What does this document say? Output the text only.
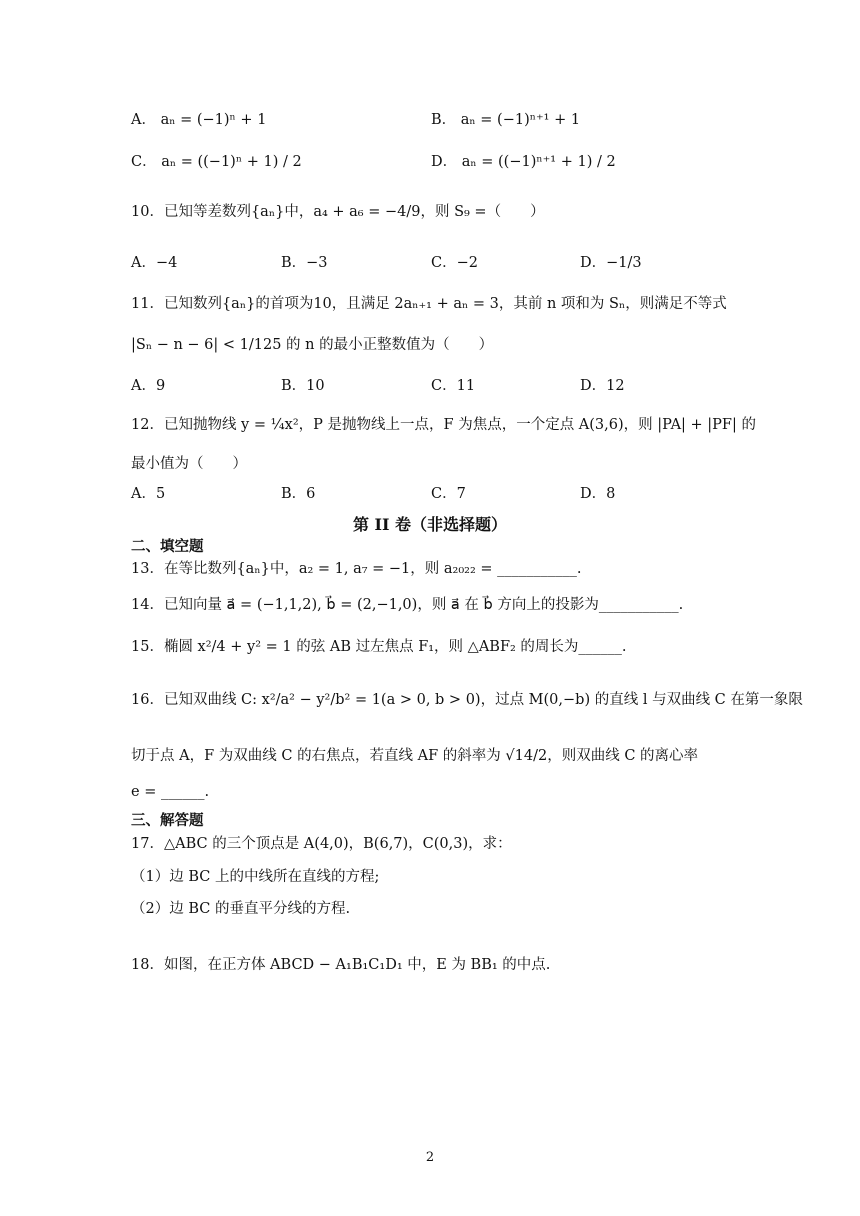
A． aₙ = (−1)ⁿ + 1	B． aₙ = (−1)ⁿ⁺¹ + 1
C． aₙ = ((−1)ⁿ + 1) / 2	D． aₙ = ((−1)ⁿ⁺¹ + 1) / 2
10．已知等差数列{aₙ}中，a₄ + a₆ = −4/9，则 S₉ =（　　）
A．−4	B．−3	C．−2	D．−1/3
11．已知数列{aₙ}的首项为10，且满足 2aₙ₊₁ + aₙ = 3，其前 n 项和为 Sₙ，则满足不等式
|Sₙ − n − 6| < 1/125 的 n 的最小正整数值为（　　）
A．9	B．10	C．11	D．12
12．已知抛物线 y = ¼x²，P 是抛物线上一点，F 为焦点，一个定点 A(3,6)，则 |PA| + |PF| 的
最小值为（　　）
A．5	B．6	C．7	D．8
第 II 卷（非选择题）
二、填空题
13．在等比数列{aₙ}中，a₂ = 1, a₇ = −1，则 a₂₀₂₂ = ___________.
14．已知向量 a⃗ = (−1,1,2), b⃗ = (2,−1,0)，则 a⃗ 在 b⃗ 方向上的投影为___________.
15．椭圆 x²/4 + y² = 1 的弦 AB 过左焦点 F₁，则 △ABF₂ 的周长为______.
16．已知双曲线 C: x²/a² − y²/b² = 1(a > 0, b > 0)，过点 M(0,−b) 的直线 l 与双曲线 C 在第一象限
切于点 A，F 为双曲线 C 的右焦点，若直线 AF 的斜率为 √14/2，则双曲线 C 的离心率
e = ______.
三、解答题
17．△ABC 的三个顶点是 A(4,0)，B(6,7)，C(0,3)，求：
（1）边 BC 上的中线所在直线的方程;
（2）边 BC 的垂直平分线的方程.
18．如图，在正方体 ABCD − A₁B₁C₁D₁ 中，E 为 BB₁ 的中点.
2
